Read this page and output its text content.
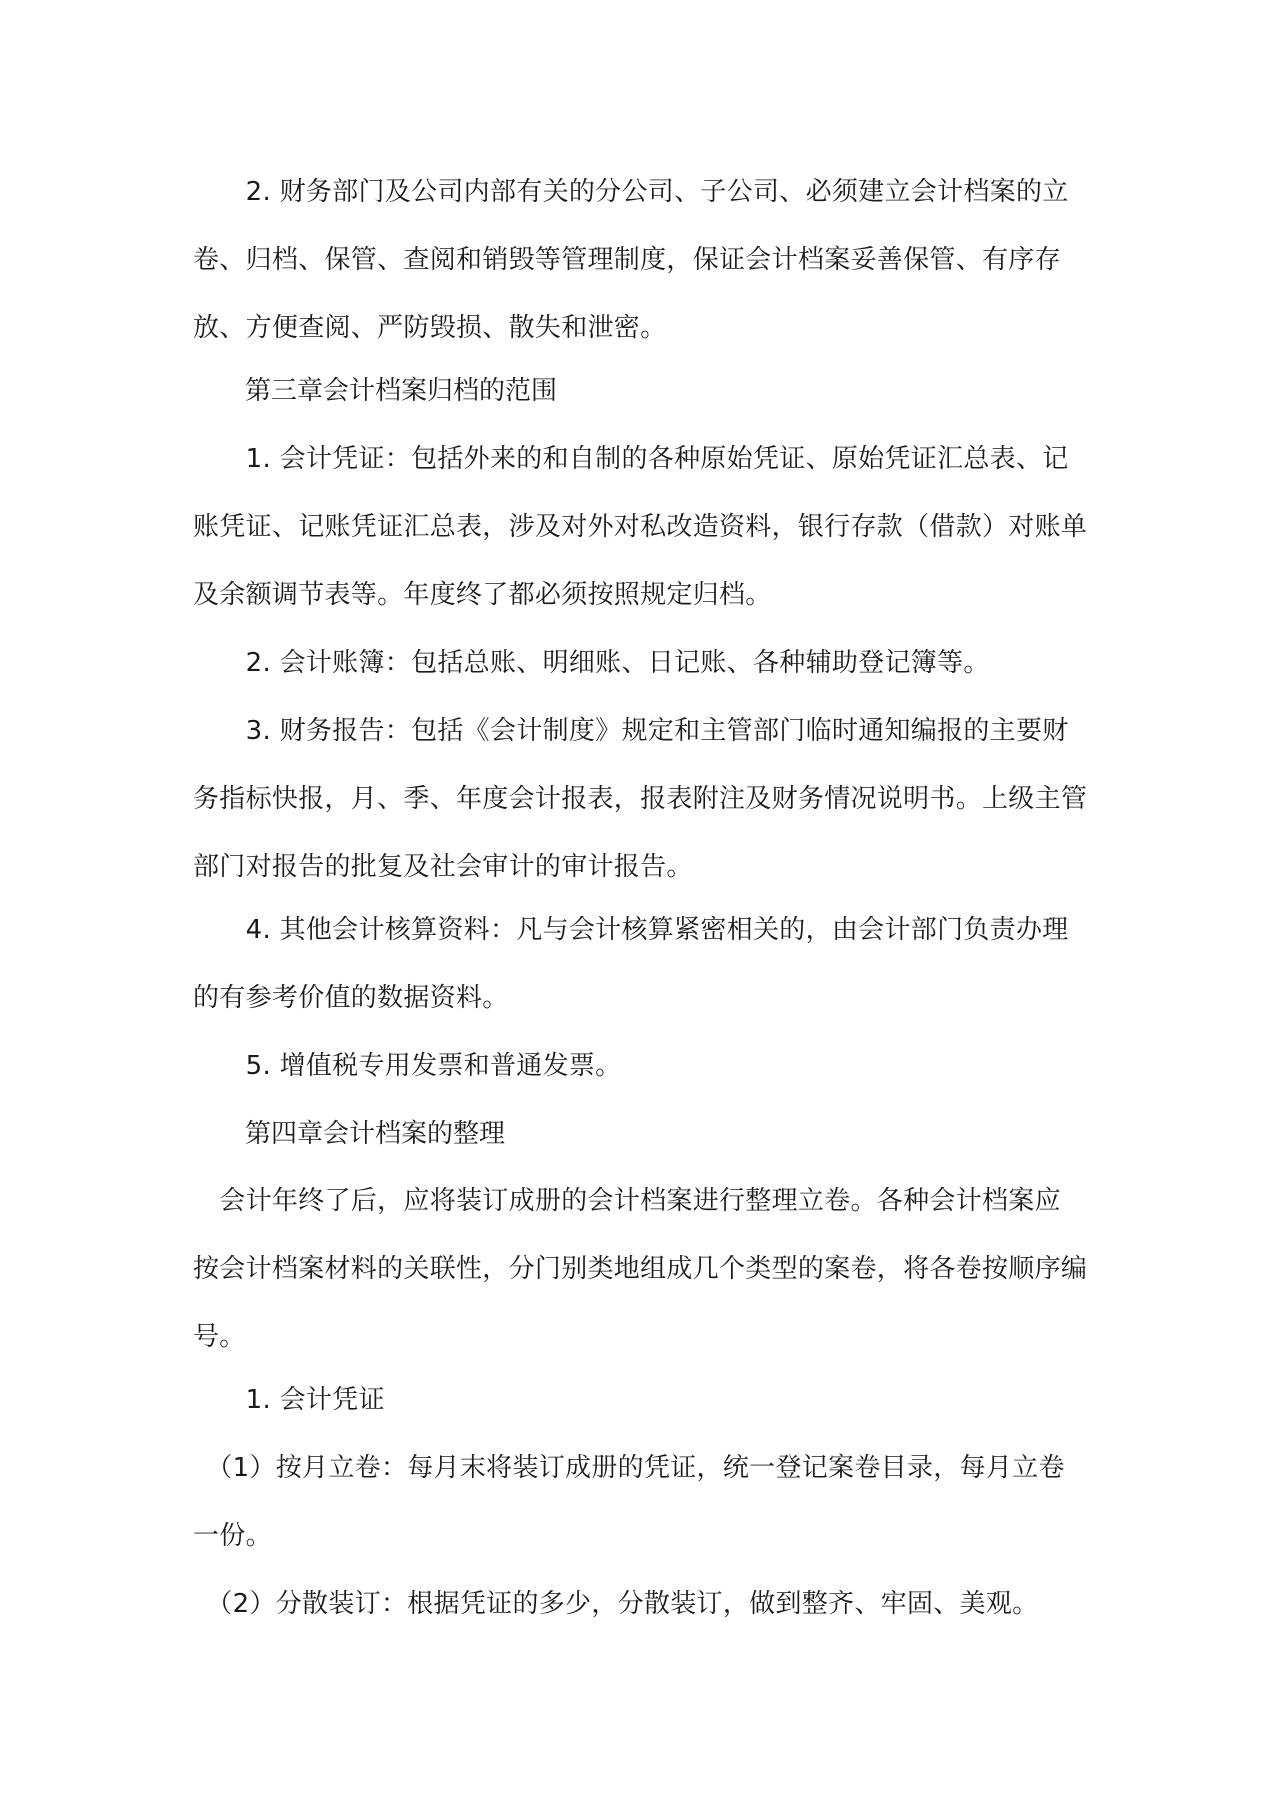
　　2. 财务部门及公司内部有关的分公司、子公司、必须建立会计档案的立
卷、归档、保管、查阅和销毁等管理制度，保证会计档案妥善保管、有序存
放、方便查阅、严防毁损、散失和泄密。
第三章会计档案归档的范围
　　1. 会计凭证：包括外来的和自制的各种原始凭证、原始凭证汇总表、记
账凭证、记账凭证汇总表，涉及对外对私改造资料，银行存款（借款）对账单
及余额调节表等。年度终了都必须按照规定归档。
　　2. 会计账簿：包括总账、明细账、日记账、各种辅助登记簿等。
　　3. 财务报告：包括《会计制度》规定和主管部门临时通知编报的主要财
务指标快报，月、季、年度会计报表，报表附注及财务情况说明书。上级主管
部门对报告的批复及社会审计的审计报告。
　　4. 其他会计核算资料：凡与会计核算紧密相关的，由会计部门负责办理
的有参考价值的数据资料。
　　5. 增值税专用发票和普通发票。
第四章会计档案的整理
　会计年终了后，应将装订成册的会计档案进行整理立卷。各种会计档案应
按会计档案材料的关联性，分门别类地组成几个类型的案卷，将各卷按顺序编
号。
　　1. 会计凭证
　（1）按月立卷：每月末将装订成册的凭证，统一登记案卷目录，每月立卷
一份。
　（2）分散装订：根据凭证的多少，分散装订，做到整齐、牢固、美观。
